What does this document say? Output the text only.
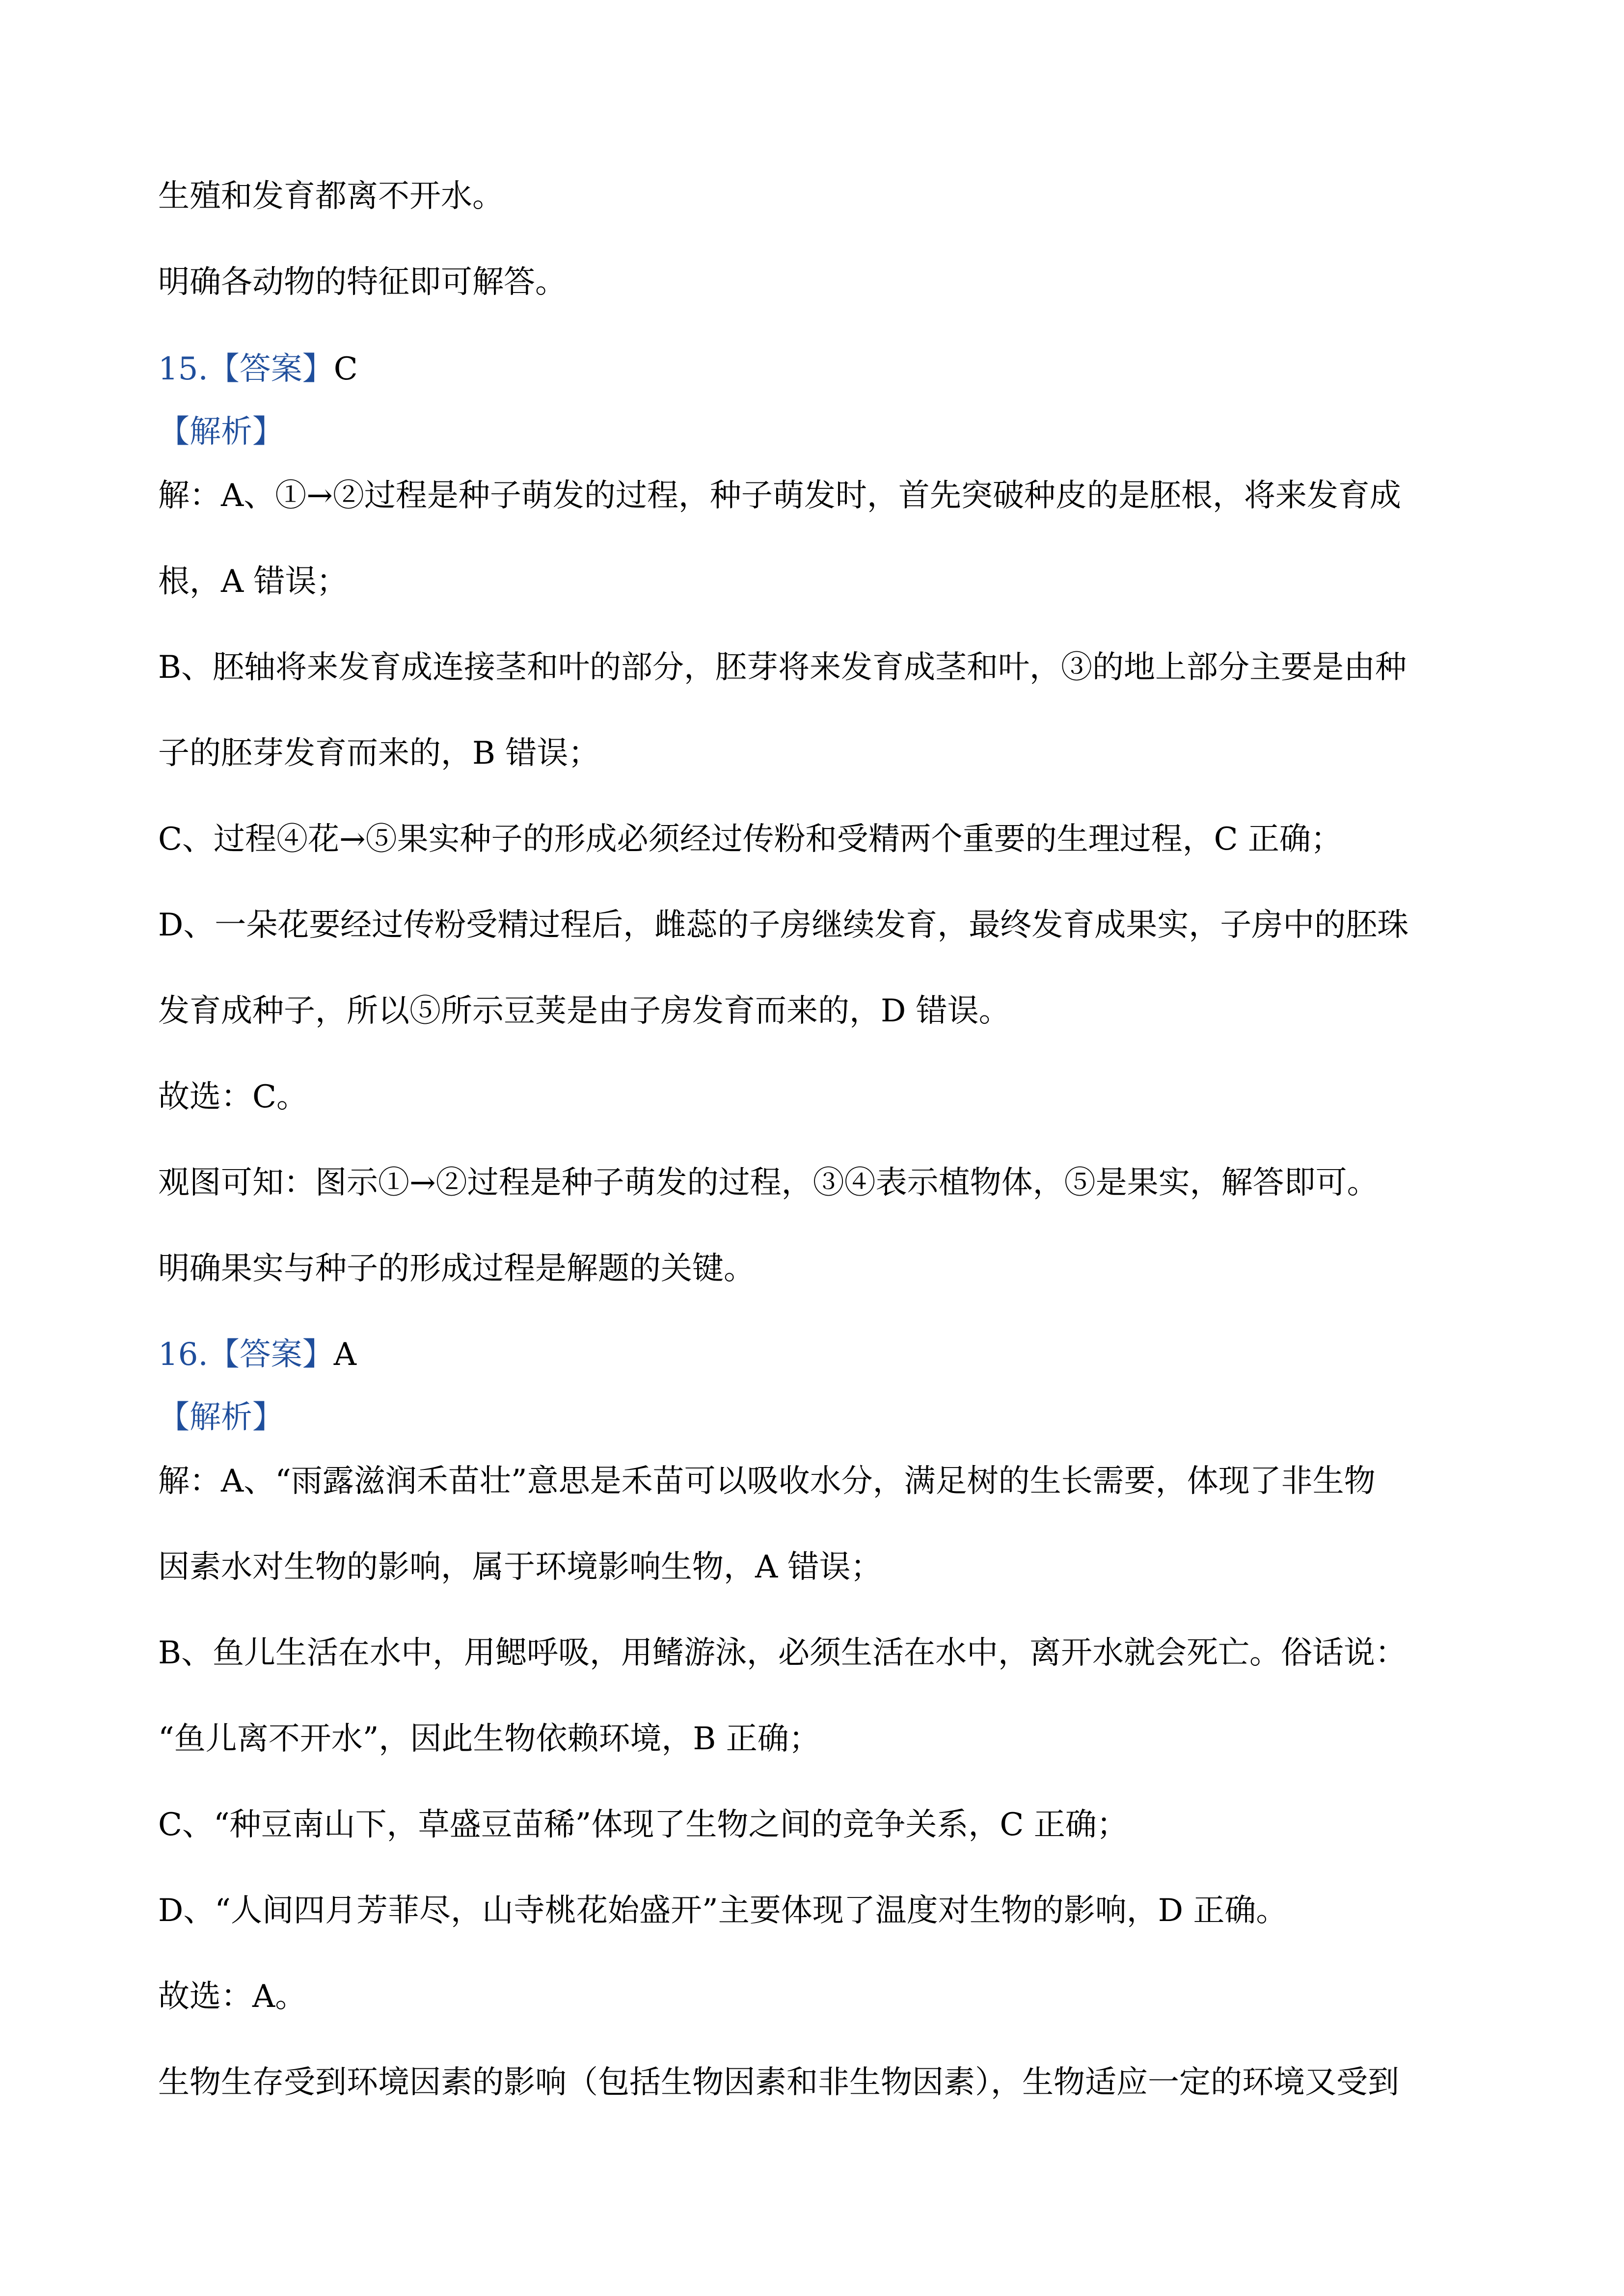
生殖和发育都离不开水。
明确各动物的特征即可解答。
15.【答案】C
【解析】
解：A、①→②过程是种子萌发的过程，种子萌发时，首先突破种皮的是胚根，将来发育成
根，A 错误；
B、胚轴将来发育成连接茎和叶的部分，胚芽将来发育成茎和叶，③的地上部分主要是由种
子的胚芽发育而来的，B 错误；
C、过程④花→⑤果实种子的形成必须经过传粉和受精两个重要的生理过程，C 正确；
D、一朵花要经过传粉受精过程后，雌蕊的子房继续发育，最终发育成果实，子房中的胚珠
发育成种子，所以⑤所示豆荚是由子房发育而来的，D 错误。
故选：C。
观图可知：图示①→②过程是种子萌发的过程，③④表示植物体，⑤是果实，解答即可。
明确果实与种子的形成过程是解题的关键。
16.【答案】A
【解析】
解：A、“雨露滋润禾苗壮”意思是禾苗可以吸收水分，满足树的生长需要，体现了非生物
因素水对生物的影响，属于环境影响生物，A 错误；
B、鱼儿生活在水中，用鳃呼吸，用鳍游泳，必须生活在水中，离开水就会死亡。俗话说：
“鱼儿离不开水”，因此生物依赖环境，B 正确；
C、“种豆南山下，草盛豆苗稀”体现了生物之间的竞争关系，C 正确；
D、“人间四月芳菲尽，山寺桃花始盛开”主要体现了温度对生物的影响，D 正确。
故选：A。
生物生存受到环境因素的影响（包括生物因素和非生物因素），生物适应一定的环境又受到
